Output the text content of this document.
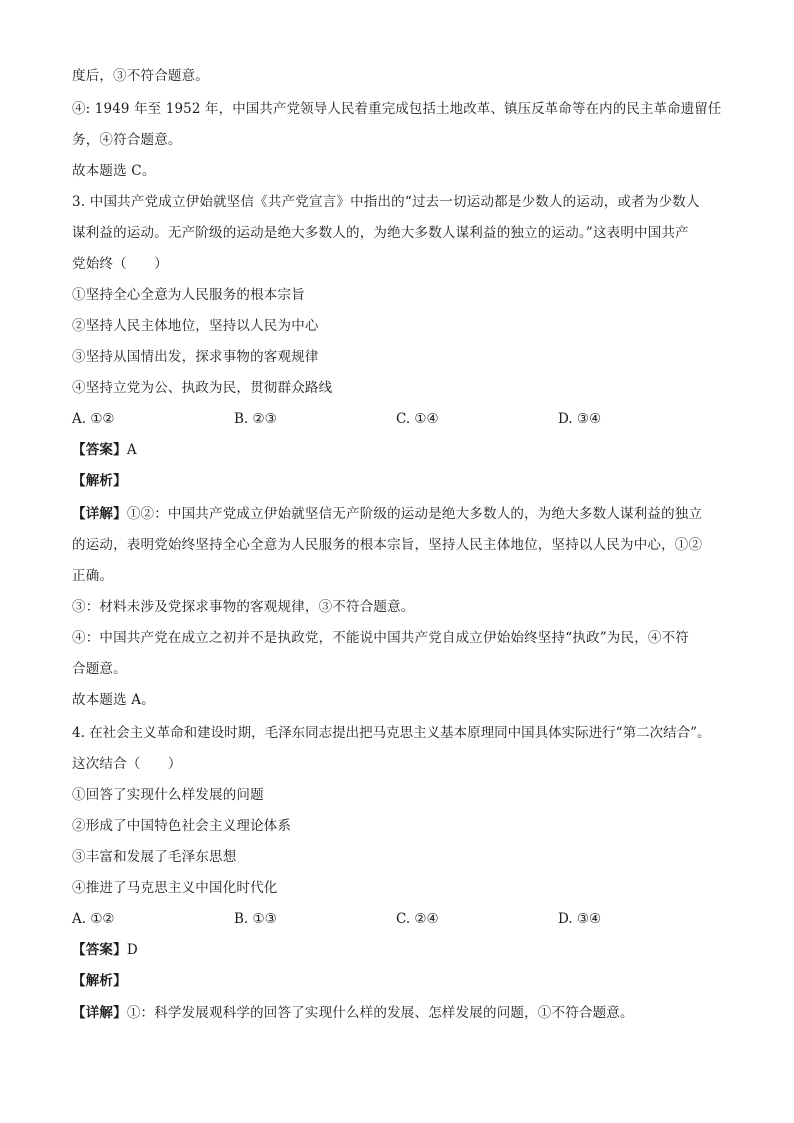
度后，③不符合题意。
④: 1949 年至 1952 年，中国共产党领导人民着重完成包括土地改革、镇压反革命等在内的民主革命遗留任
务，④符合题意。
故本题选 C。
3. 中国共产党成立伊始就坚信《共产党宣言》中指出的“过去一切运动都是少数人的运动，或者为少数人
谋利益的运动。无产阶级的运动是绝大多数人的，为绝大多数人谋利益的独立的运动。”这表明中国共产
党始终（　　）
①坚持全心全意为人民服务的根本宗旨
②坚持人民主体地位，坚持以人民为中心
③坚持从国情出发，探求事物的客观规律
④坚持立党为公、执政为民，贯彻群众路线
A. ①②	B. ②③	C. ①④	D. ③④
【答案】A
【解析】
【详解】①②：中国共产党成立伊始就坚信无产阶级的运动是绝大多数人的，为绝大多数人谋利益的独立
的运动，表明党始终坚持全心全意为人民服务的根本宗旨，坚持人民主体地位，坚持以人民为中心，①②
正确。
③：材料未涉及党探求事物的客观规律，③不符合题意。
④：中国共产党在成立之初并不是执政党，不能说中国共产党自成立伊始始终坚持“执政”为民，④不符
合题意。
故本题选 A。
4. 在社会主义革命和建设时期，毛泽东同志提出把马克思主义基本原理同中国具体实际进行“第二次结合”。
这次结合（　　）
①回答了实现什么样发展的问题
②形成了中国特色社会主义理论体系
③丰富和发展了毛泽东思想
④推进了马克思主义中国化时代化
A. ①②	B. ①③	C. ②④	D. ③④
【答案】D
【解析】
【详解】①：科学发展观科学的回答了实现什么样的发展、怎样发展的问题，①不符合题意。
